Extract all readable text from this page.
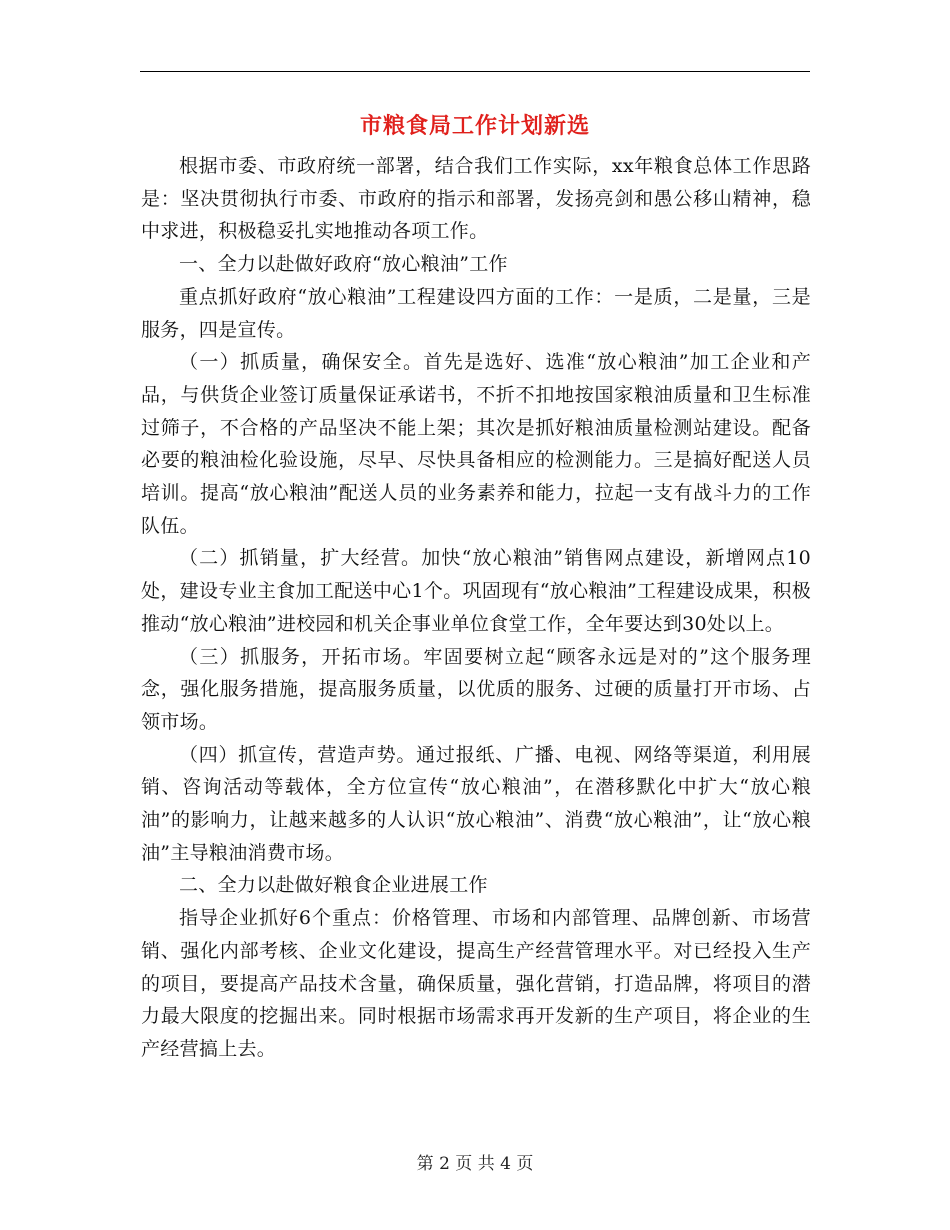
市粮食局工作计划新选

根据市委、市政府统一部署，结合我们工作实际，xx年粮食总体工作思路是：坚决贯彻执行市委、市政府的指示和部署，发扬亮剑和愚公移山精神，稳中求进，积极稳妥扎实地推动各项工作。

一、全力以赴做好政府“放心粮油”工作

重点抓好政府“放心粮油”工程建设四方面的工作：一是质，二是量，三是服务，四是宣传。

（一）抓质量，确保安全。首先是选好、选准“放心粮油”加工企业和产品，与供货企业签订质量保证承诺书，不折不扣地按国家粮油质量和卫生标准过筛子，不合格的产品坚决不能上架；其次是抓好粮油质量检测站建设。配备必要的粮油检化验设施，尽早、尽快具备相应的检测能力。三是搞好配送人员培训。提高“放心粮油”配送人员的业务素养和能力，拉起一支有战斗力的工作队伍。

（二）抓销量，扩大经营。加快“放心粮油”销售网点建设，新增网点10处，建设专业主食加工配送中心1个。巩固现有“放心粮油”工程建设成果，积极推动“放心粮油”进校园和机关企事业单位食堂工作，全年要达到30处以上。

（三）抓服务，开拓市场。牢固要树立起“顾客永远是对的”这个服务理念，强化服务措施，提高服务质量，以优质的服务、过硬的质量打开市场、占领市场。

（四）抓宣传，营造声势。通过报纸、广播、电视、网络等渠道，利用展销、咨询活动等载体，全方位宣传“放心粮油”，在潜移默化中扩大“放心粮油”的影响力，让越来越多的人认识“放心粮油”、消费“放心粮油”，让“放心粮油”主导粮油消费市场。

二、全力以赴做好粮食企业进展工作

指导企业抓好6个重点：价格管理、市场和内部管理、品牌创新、市场营销、强化内部考核、企业文化建设，提高生产经营管理水平。对已经投入生产的项目，要提高产品技术含量，确保质量，强化营销，打造品牌，将项目的潜力最大限度的挖掘出来。同时根据市场需求再开发新的生产项目，将企业的生产经营搞上去。

第 2 页 共 4 页
